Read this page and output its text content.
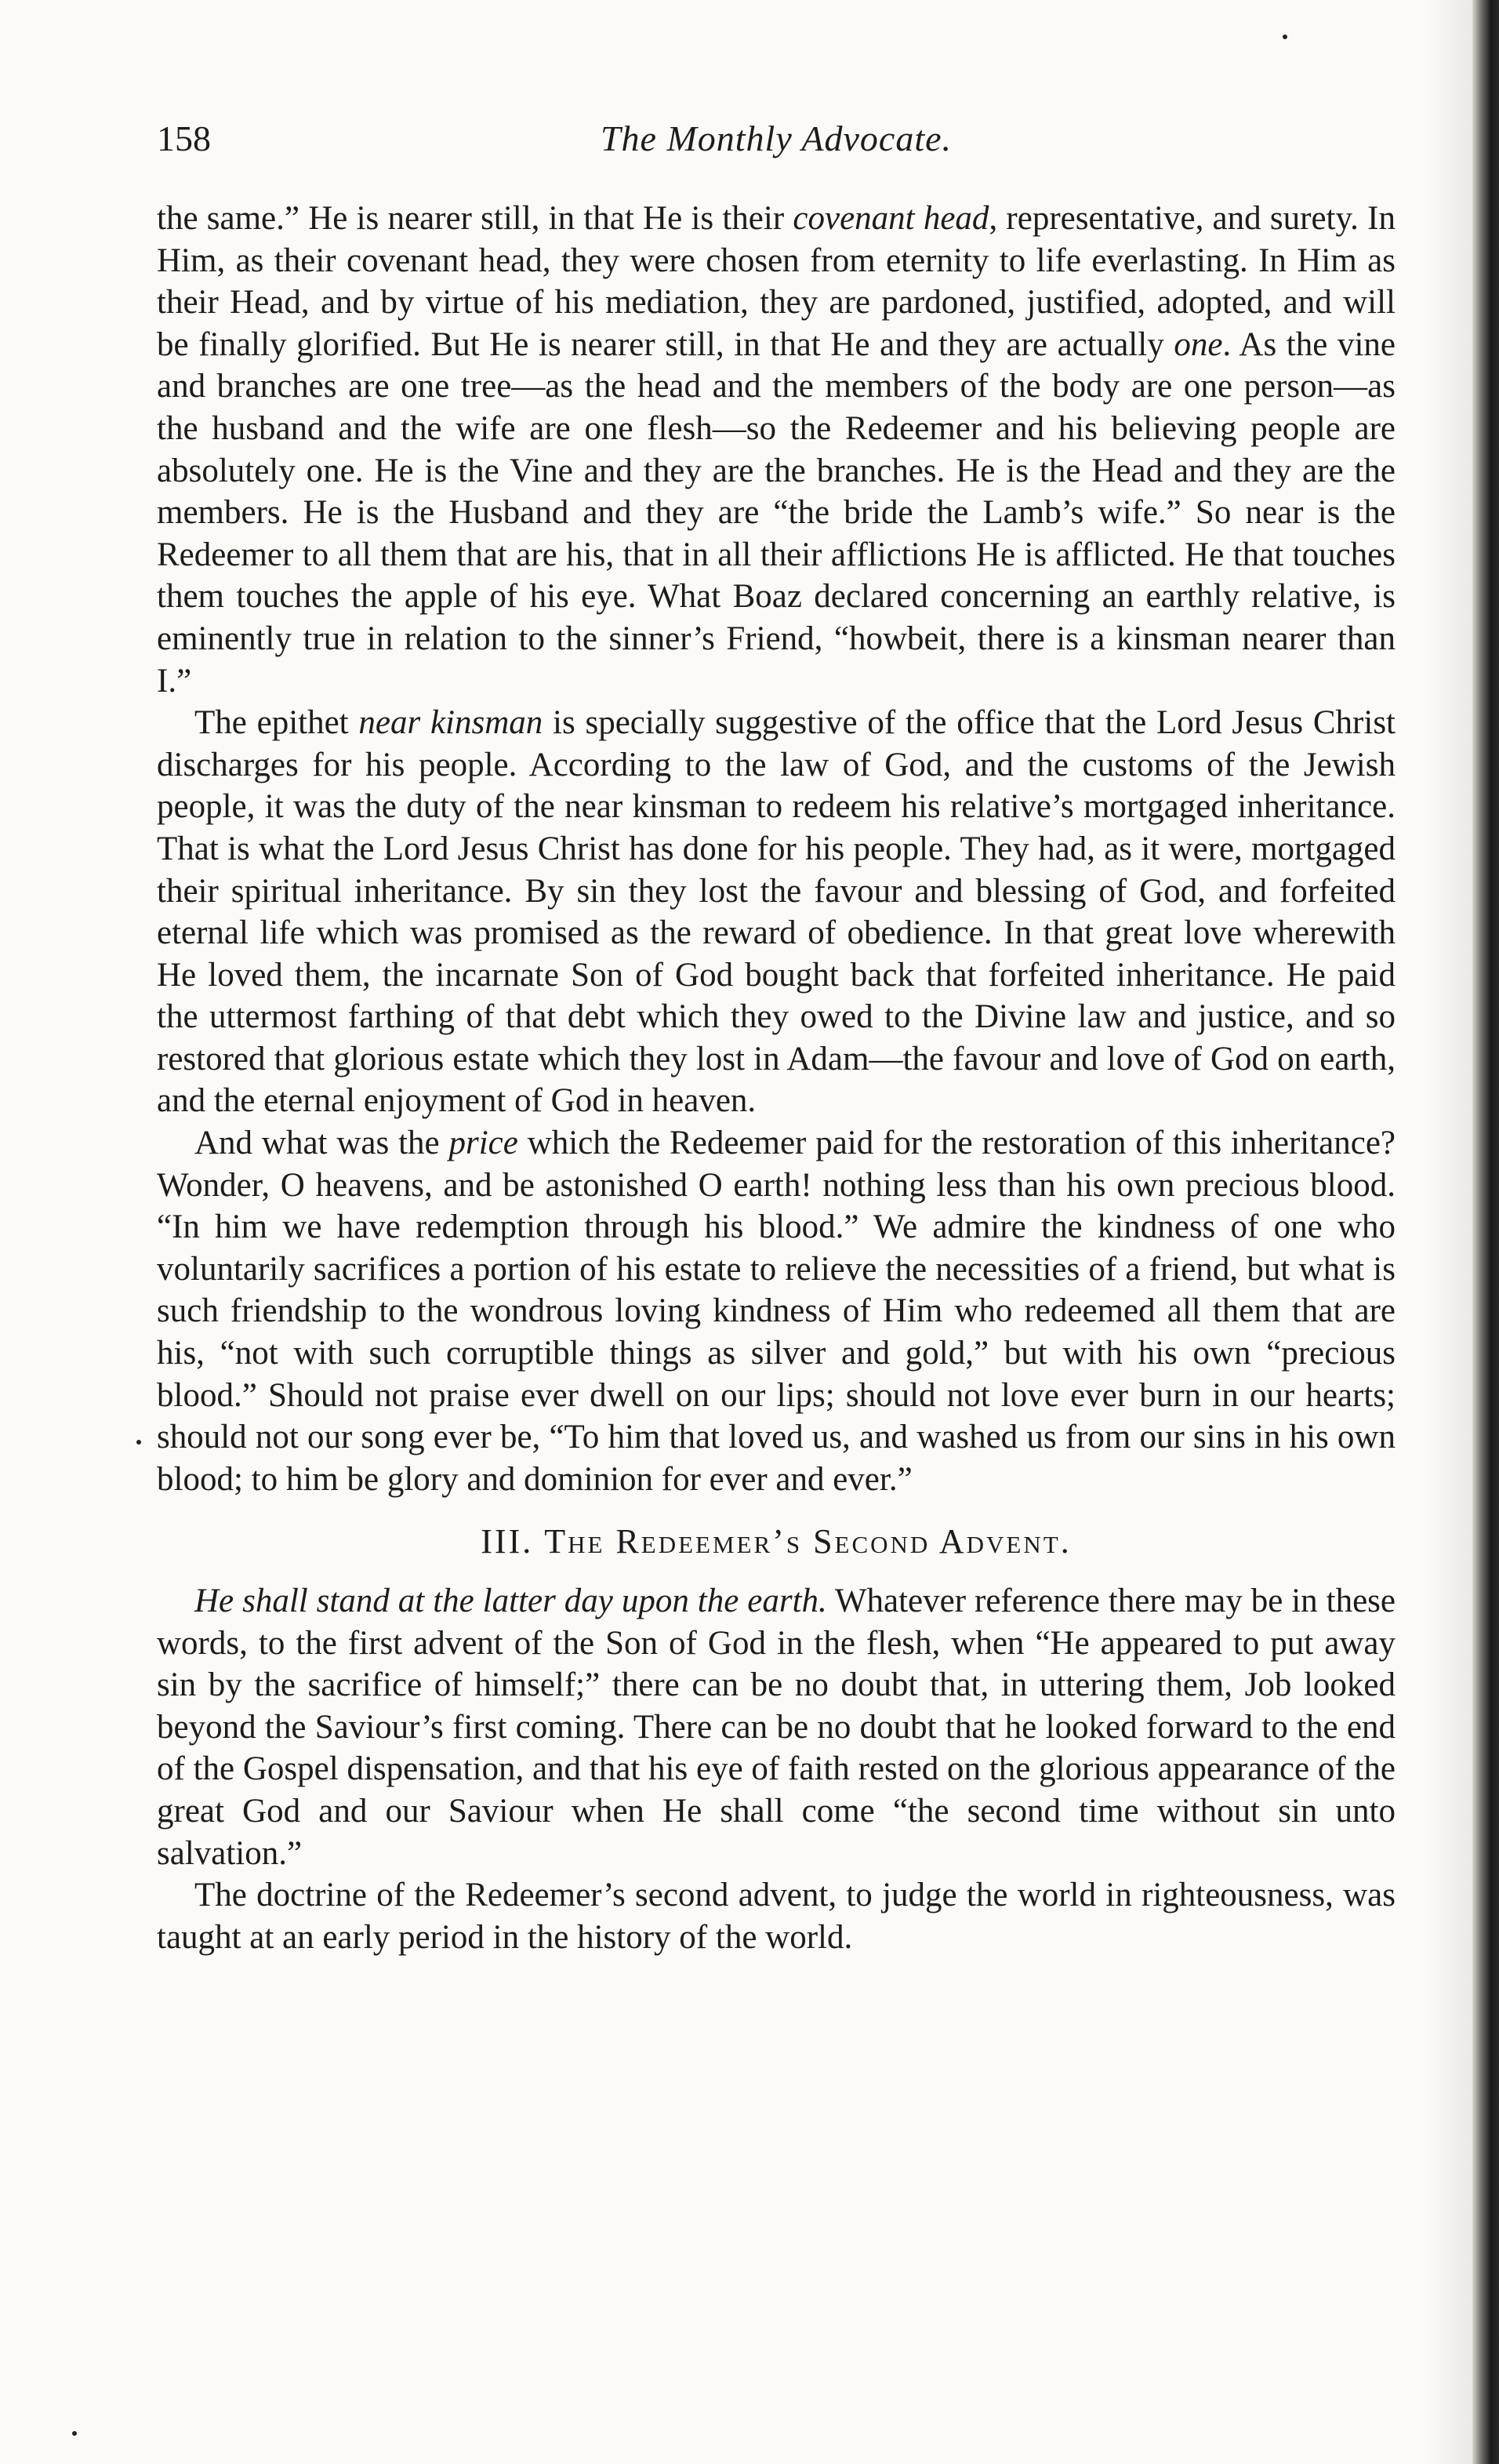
158	The Monthly Advocate.

the same.” He is nearer still, in that He is their covenant head, representative, and surety. In Him, as their covenant head, they were chosen from eternity to life everlasting. In Him as their Head, and by virtue of his mediation, they are pardoned, justified, adopted, and will be finally glorified. But He is nearer still, in that He and they are actually one. As the vine and branches are one tree—as the head and the members of the body are one person—as the husband and the wife are one flesh—so the Redeemer and his believing people are absolutely one. He is the Vine and they are the branches. He is the Head and they are the members. He is the Husband and they are “the bride the Lamb’s wife.” So near is the Redeemer to all them that are his, that in all their afflictions He is afflicted. He that touches them touches the apple of his eye. What Boaz declared concerning an earthly relative, is eminently true in relation to the sinner’s Friend, “howbeit, there is a kinsman nearer than I.”

The epithet near kinsman is specially suggestive of the office that the Lord Jesus Christ discharges for his people. According to the law of God, and the customs of the Jewish people, it was the duty of the near kinsman to redeem his relative’s mortgaged inheritance. That is what the Lord Jesus Christ has done for his people. They had, as it were, mortgaged their spiritual inheritance. By sin they lost the favour and blessing of God, and forfeited eternal life which was promised as the reward of obedience. In that great love wherewith He loved them, the incarnate Son of God bought back that forfeited inheritance. He paid the uttermost farthing of that debt which they owed to the Divine law and justice, and so restored that glorious estate which they lost in Adam—the favour and love of God on earth, and the eternal enjoyment of God in heaven.

And what was the price which the Redeemer paid for the restoration of this inheritance? Wonder, O heavens, and be astonished O earth! nothing less than his own precious blood. “In him we have redemption through his blood.” We admire the kindness of one who voluntarily sacrifices a portion of his estate to relieve the necessities of a friend, but what is such friendship to the wondrous loving kindness of Him who redeemed all them that are his, “not with such corruptible things as silver and gold,” but with his own “precious blood.” Should not praise ever dwell on our lips; should not love ever burn in our hearts; should not our song ever be, “To him that loved us, and washed us from our sins in his own blood; to him be glory and dominion for ever and ever.”

III. The Redeemer’s Second Advent.

He shall stand at the latter day upon the earth. Whatever reference there may be in these words, to the first advent of the Son of God in the flesh, when “He appeared to put away sin by the sacrifice of himself;” there can be no doubt that, in uttering them, Job looked beyond the Saviour’s first coming. There can be no doubt that he looked forward to the end of the Gospel dispensation, and that his eye of faith rested on the glorious appearance of the great God and our Saviour when He shall come “the second time without sin unto salvation.”

The doctrine of the Redeemer’s second advent, to judge the world in righteousness, was taught at an early period in the history of the world.
